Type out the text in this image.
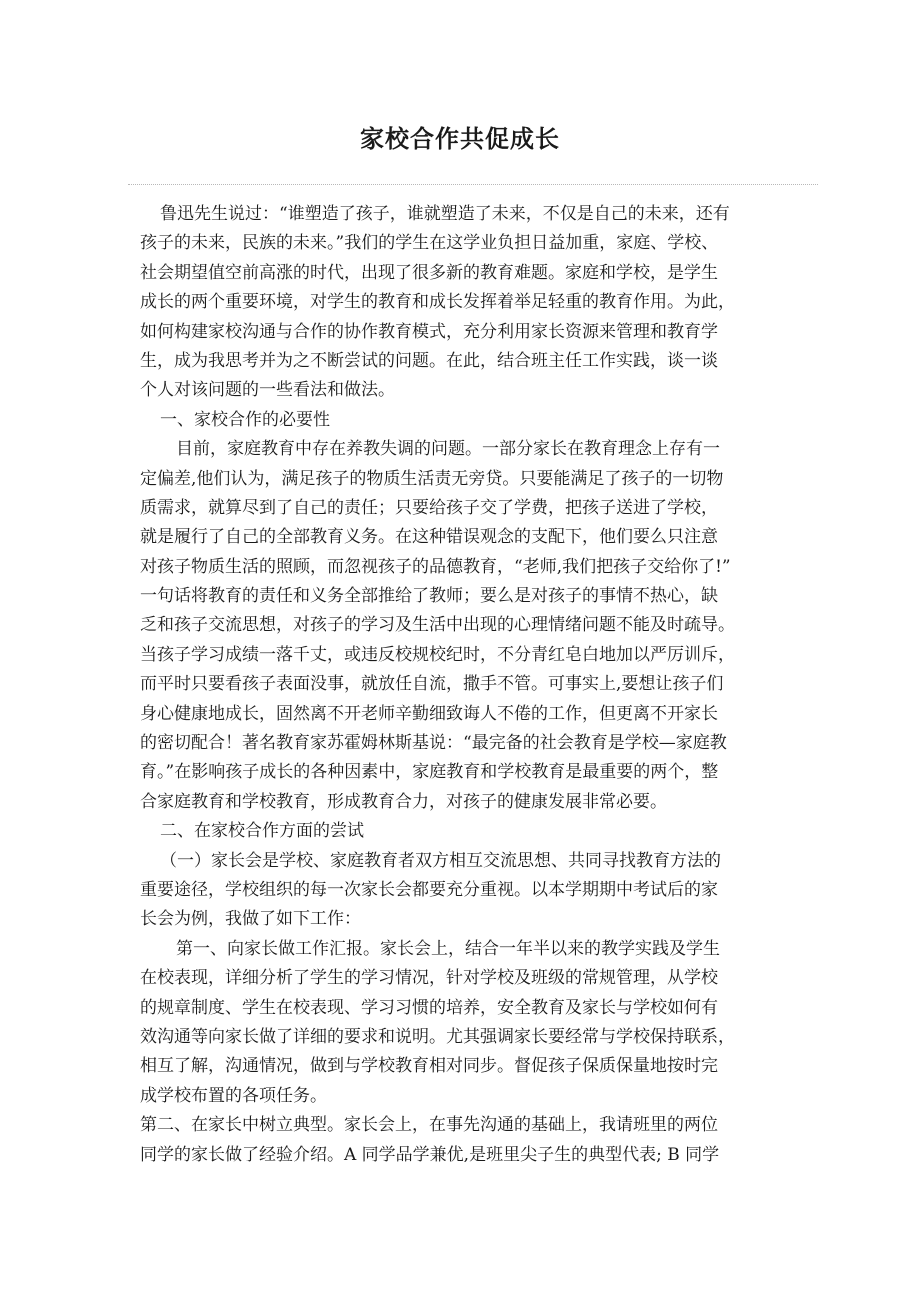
家校合作共促成长
鲁迅先生说过：“谁塑造了孩子，谁就塑造了未来，不仅是自己的未来，还有
孩子的未来，民族的未来。”我们的学生在这学业负担日益加重，家庭、学校、
社会期望值空前高涨的时代，出现了很多新的教育难题。家庭和学校，是学生
成长的两个重要环境，对学生的教育和成长发挥着举足轻重的教育作用。为此，
如何构建家校沟通与合作的协作教育模式，充分利用家长资源来管理和教育学
生，成为我思考并为之不断尝试的问题。在此，结合班主任工作实践，谈一谈
个人对该问题的一些看法和做法。
一、家校合作的必要性
目前，家庭教育中存在养教失调的问题。一部分家长在教育理念上存有一
定偏差,他们认为，满足孩子的物质生活责无旁贷。只要能满足了孩子的一切物
质需求，就算尽到了自己的责任；只要给孩子交了学费，把孩子送进了学校，
就是履行了自己的全部教育义务。在这种错误观念的支配下，他们要么只注意
对孩子物质生活的照顾，而忽视孩子的品德教育，“老师,我们把孩子交给你了!”
一句话将教育的责任和义务全部推给了教师；要么是对孩子的事情不热心，缺
乏和孩子交流思想，对孩子的学习及生活中出现的心理情绪问题不能及时疏导。
当孩子学习成绩一落千丈，或违反校规校纪时，不分青红皂白地加以严厉训斥，
而平时只要看孩子表面没事，就放任自流，撒手不管。可事实上,要想让孩子们
身心健康地成长，固然离不开老师辛勤细致诲人不倦的工作，但更离不开家长
的密切配合！著名教育家苏霍姆林斯基说：“最完备的社会教育是学校—家庭教
育。”在影响孩子成长的各种因素中，家庭教育和学校教育是最重要的两个，整
合家庭教育和学校教育，形成教育合力，对孩子的健康发展非常必要。
二、在家校合作方面的尝试
（一）家长会是学校、家庭教育者双方相互交流思想、共同寻找教育方法的
重要途径，学校组织的每一次家长会都要充分重视。以本学期期中考试后的家
长会为例，我做了如下工作：
第一、向家长做工作汇报。家长会上，结合一年半以来的教学实践及学生
在校表现，详细分析了学生的学习情况，针对学校及班级的常规管理，从学校
的规章制度、学生在校表现、学习习惯的培养，安全教育及家长与学校如何有
效沟通等向家长做了详细的要求和说明。尤其强调家长要经常与学校保持联系，
相互了解，沟通情况，做到与学校教育相对同步。督促孩子保质保量地按时完
成学校布置的各项任务。
第二、在家长中树立典型。家长会上，在事先沟通的基础上，我请班里的两位
同学的家长做了经验介绍。A 同学品学兼优,是班里尖子生的典型代表; B 同学
